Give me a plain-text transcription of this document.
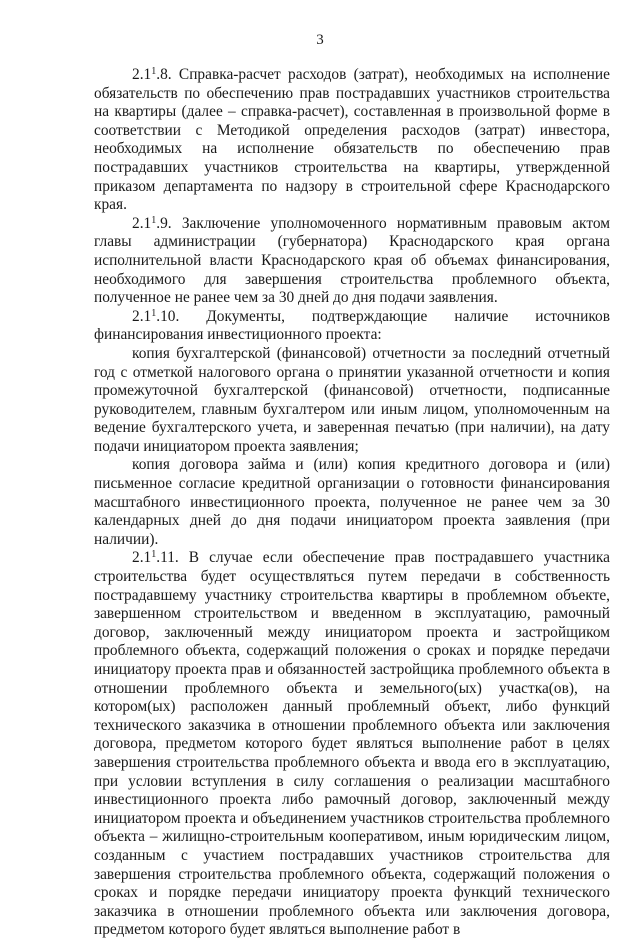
3

$2.1^1.8$. Справка-расчет расходов (затрат), необходимых на исполнение обязательств по обеспечению прав пострадавших участников строительства на квартиры (далее – справка-расчет), составленная в произвольной форме в соответствии с Методикой определения расходов (затрат) инвестора, необходимых на исполнение обязательств по обеспечению прав пострадавших участников строительства на квартиры, утвержденной приказом департамента по надзору в строительной сфере Краснодарского края.

$2.1^1.9$. Заключение уполномоченного нормативным правовым актом главы администрации (губернатора) Краснодарского края органа исполнительной власти Краснодарского края об объемах финансирования, необходимого для завершения строительства проблемного объекта, полученное не ранее чем за 30 дней до дня подачи заявления.

$2.1^1.10$. Документы, подтверждающие наличие источников финансирования инвестиционного проекта:

копия бухгалтерской (финансовой) отчетности за последний отчетный год с отметкой налогового органа о принятии указанной отчетности и копия промежуточной бухгалтерской (финансовой) отчетности, подписанные руководителем, главным бухгалтером или иным лицом, уполномоченным на ведение бухгалтерского учета, и заверенная печатью (при наличии), на дату подачи инициатором проекта заявления;

копия договора займа и (или) копия кредитного договора и (или) письменное согласие кредитной организации о готовности финансирования масштабного инвестиционного проекта, полученное не ранее чем за 30 календарных дней до дня подачи инициатором проекта заявления (при наличии).

$2.1^1.11$. В случае если обеспечение прав пострадавшего участника строительства будет осуществляться путем передачи в собственность пострадавшему участнику строительства квартиры в проблемном объекте, завершенном строительством и введенном в эксплуатацию, рамочный договор, заключенный между инициатором проекта и застройщиком проблемного объекта, содержащий положения о сроках и порядке передачи инициатору проекта прав и обязанностей застройщика проблемного объекта в отношении проблемного объекта и земельного(ых) участка(ов), на котором(ых) расположен данный проблемный объект, либо функций технического заказчика в отношении проблемного объекта или заключения договора, предметом которого будет являться выполнение работ в целях завершения строительства проблемного объекта и ввода его в эксплуатацию, при условии вступления в силу соглашения о реализации масштабного инвестиционного проекта либо рамочный договор, заключенный между инициатором проекта и объединением участников строительства проблемного объекта – жилищно-строительным кооперативом, иным юридическим лицом, созданным с участием пострадавших участников строительства для завершения строительства проблемного объекта, содержащий положения о сроках и порядке передачи инициатору проекта функций технического заказчика в отношении проблемного объекта или заключения договора, предметом которого будет являться выполнение работ в
